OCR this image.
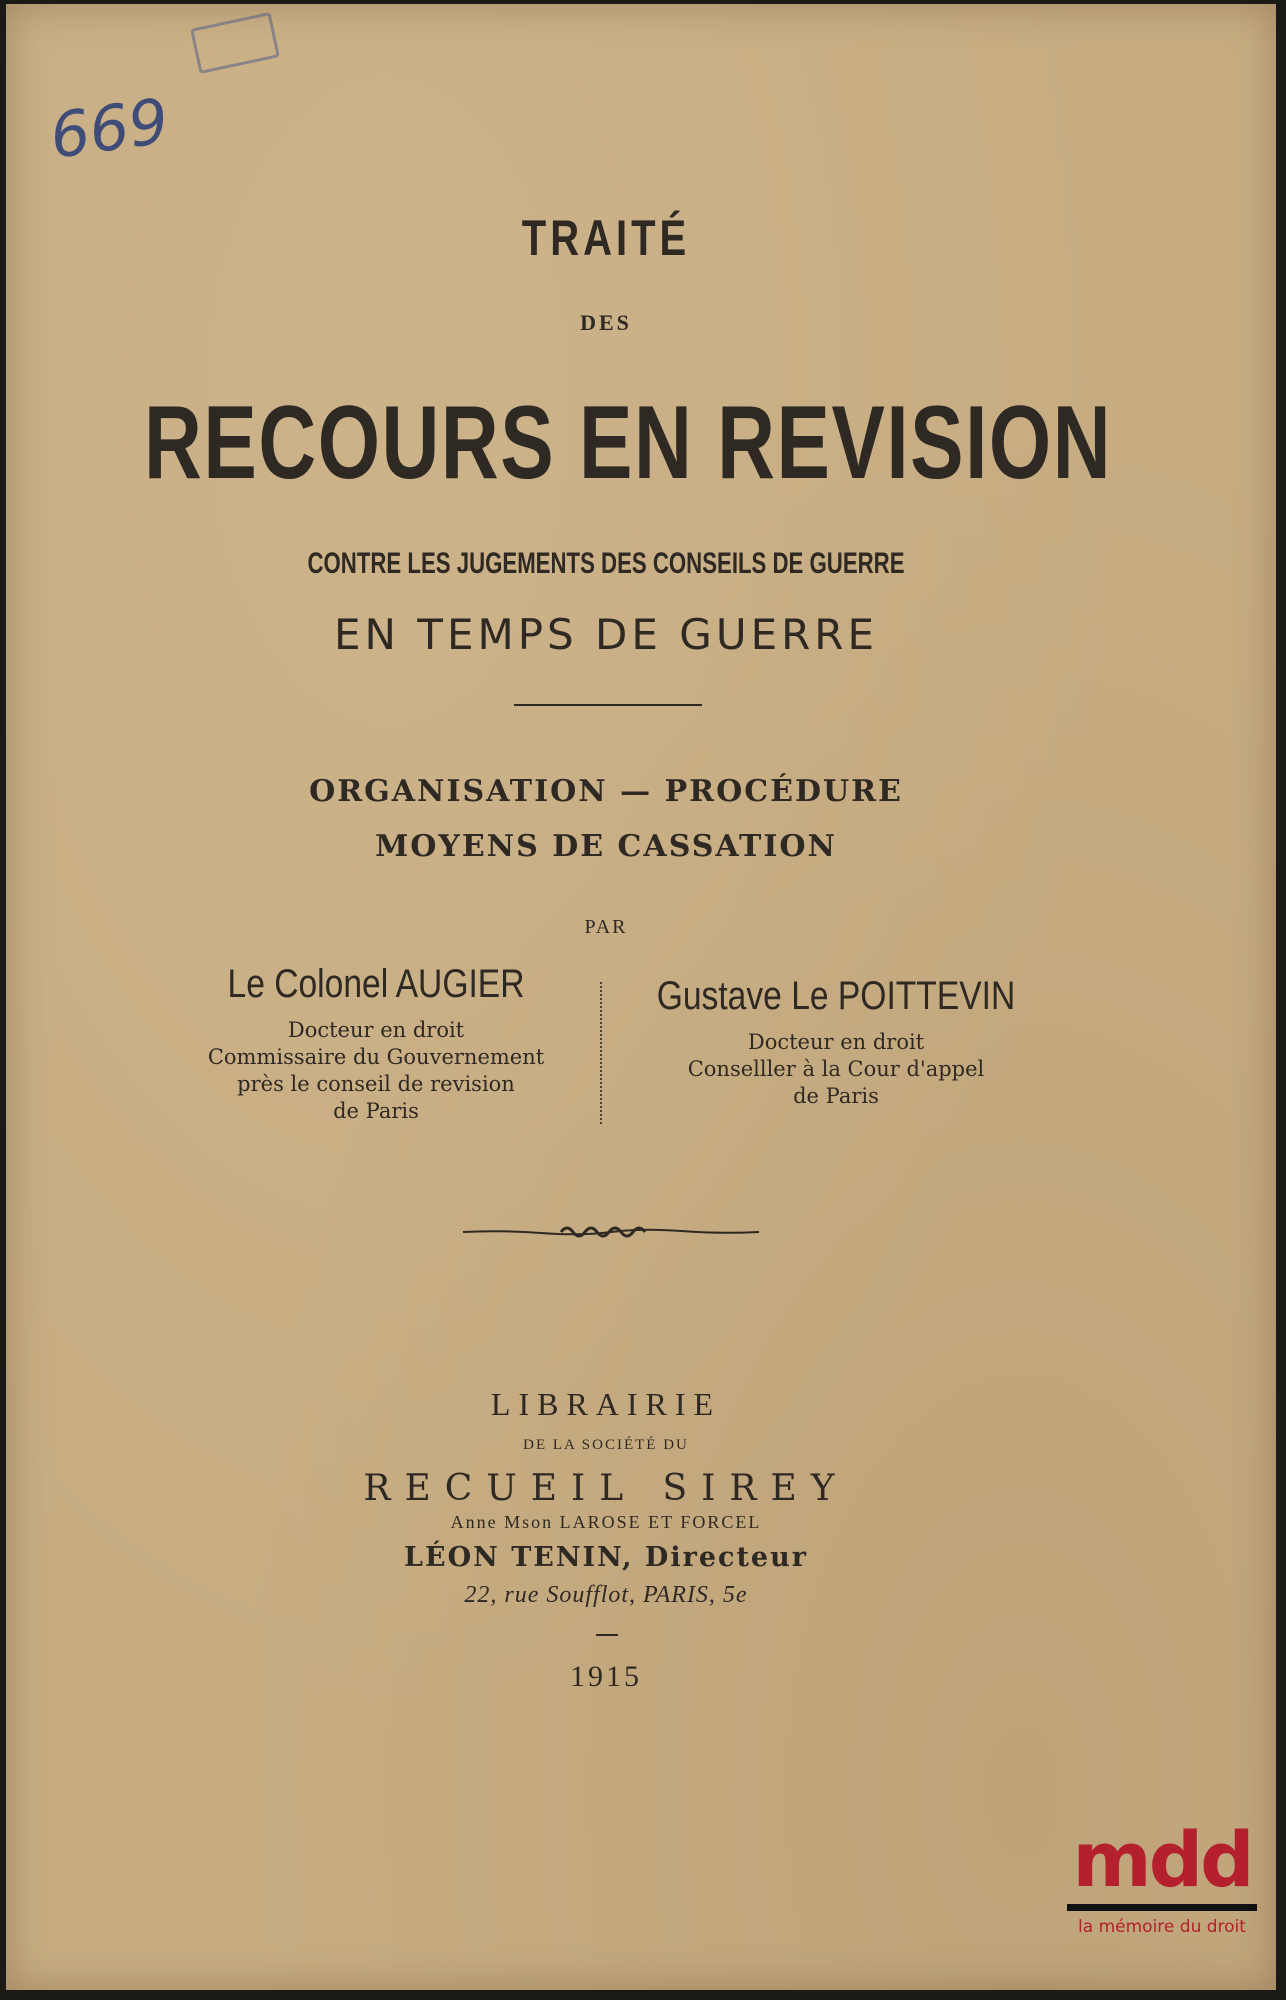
669
TRAITÉ
DES
RECOURS EN REVISION
CONTRE LES JUGEMENTS DES CONSEILS DE GUERRE
EN TEMPS DE GUERRE
ORGANISATION — PROCÉDURE
MOYENS DE CASSATION
PAR
Le Colonel AUGIER
Docteur en droit
Commissaire du Gouvernement
près le conseil de revision
de Paris
Gustave Le POITTEVIN
Docteur en droit
Conselller à la Cour d'appel
de Paris
LIBRAIRIE
DE LA SOCIÉTÉ DU
RECUEIL SIREY
Anne Mson LAROSE ET FORCEL
LÉON TENIN, Directeur
22, rue Soufflot, PARIS, 5e
1915
mdd
la mémoire du droit
